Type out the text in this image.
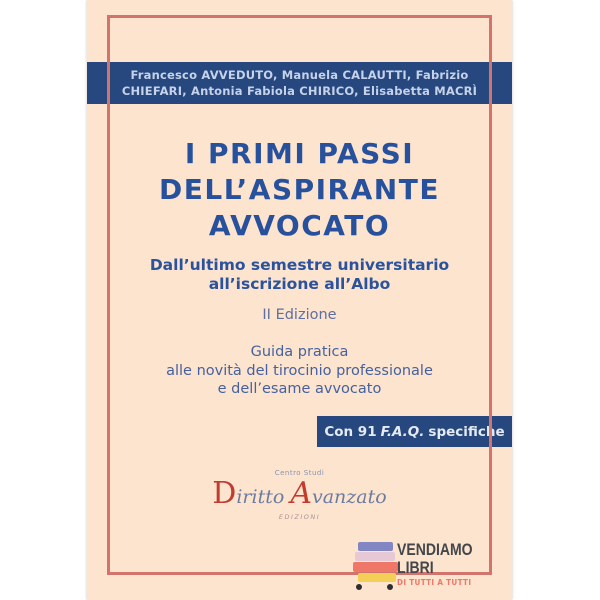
Francesco AVVEDUTO, Manuela CALAUTTI, Fabrizio
CHIEFARI, Antonia Fabiola CHIRICO, Elisabetta MACRÌ
I PRIMI PASSI
DELL’ASPIRANTE
AVVOCATO
Dall’ultimo semestre universitario
all’iscrizione all’Albo
II Edizione
Guida pratica
alle novità del tirocinio professionale
e dell’esame avvocato
Con 91 F.A.Q. specifiche
Centro Studi
Diritto Avanzato
EDIZIONI
VENDIAMO
LIBRI
DI TUTTI A TUTTI
